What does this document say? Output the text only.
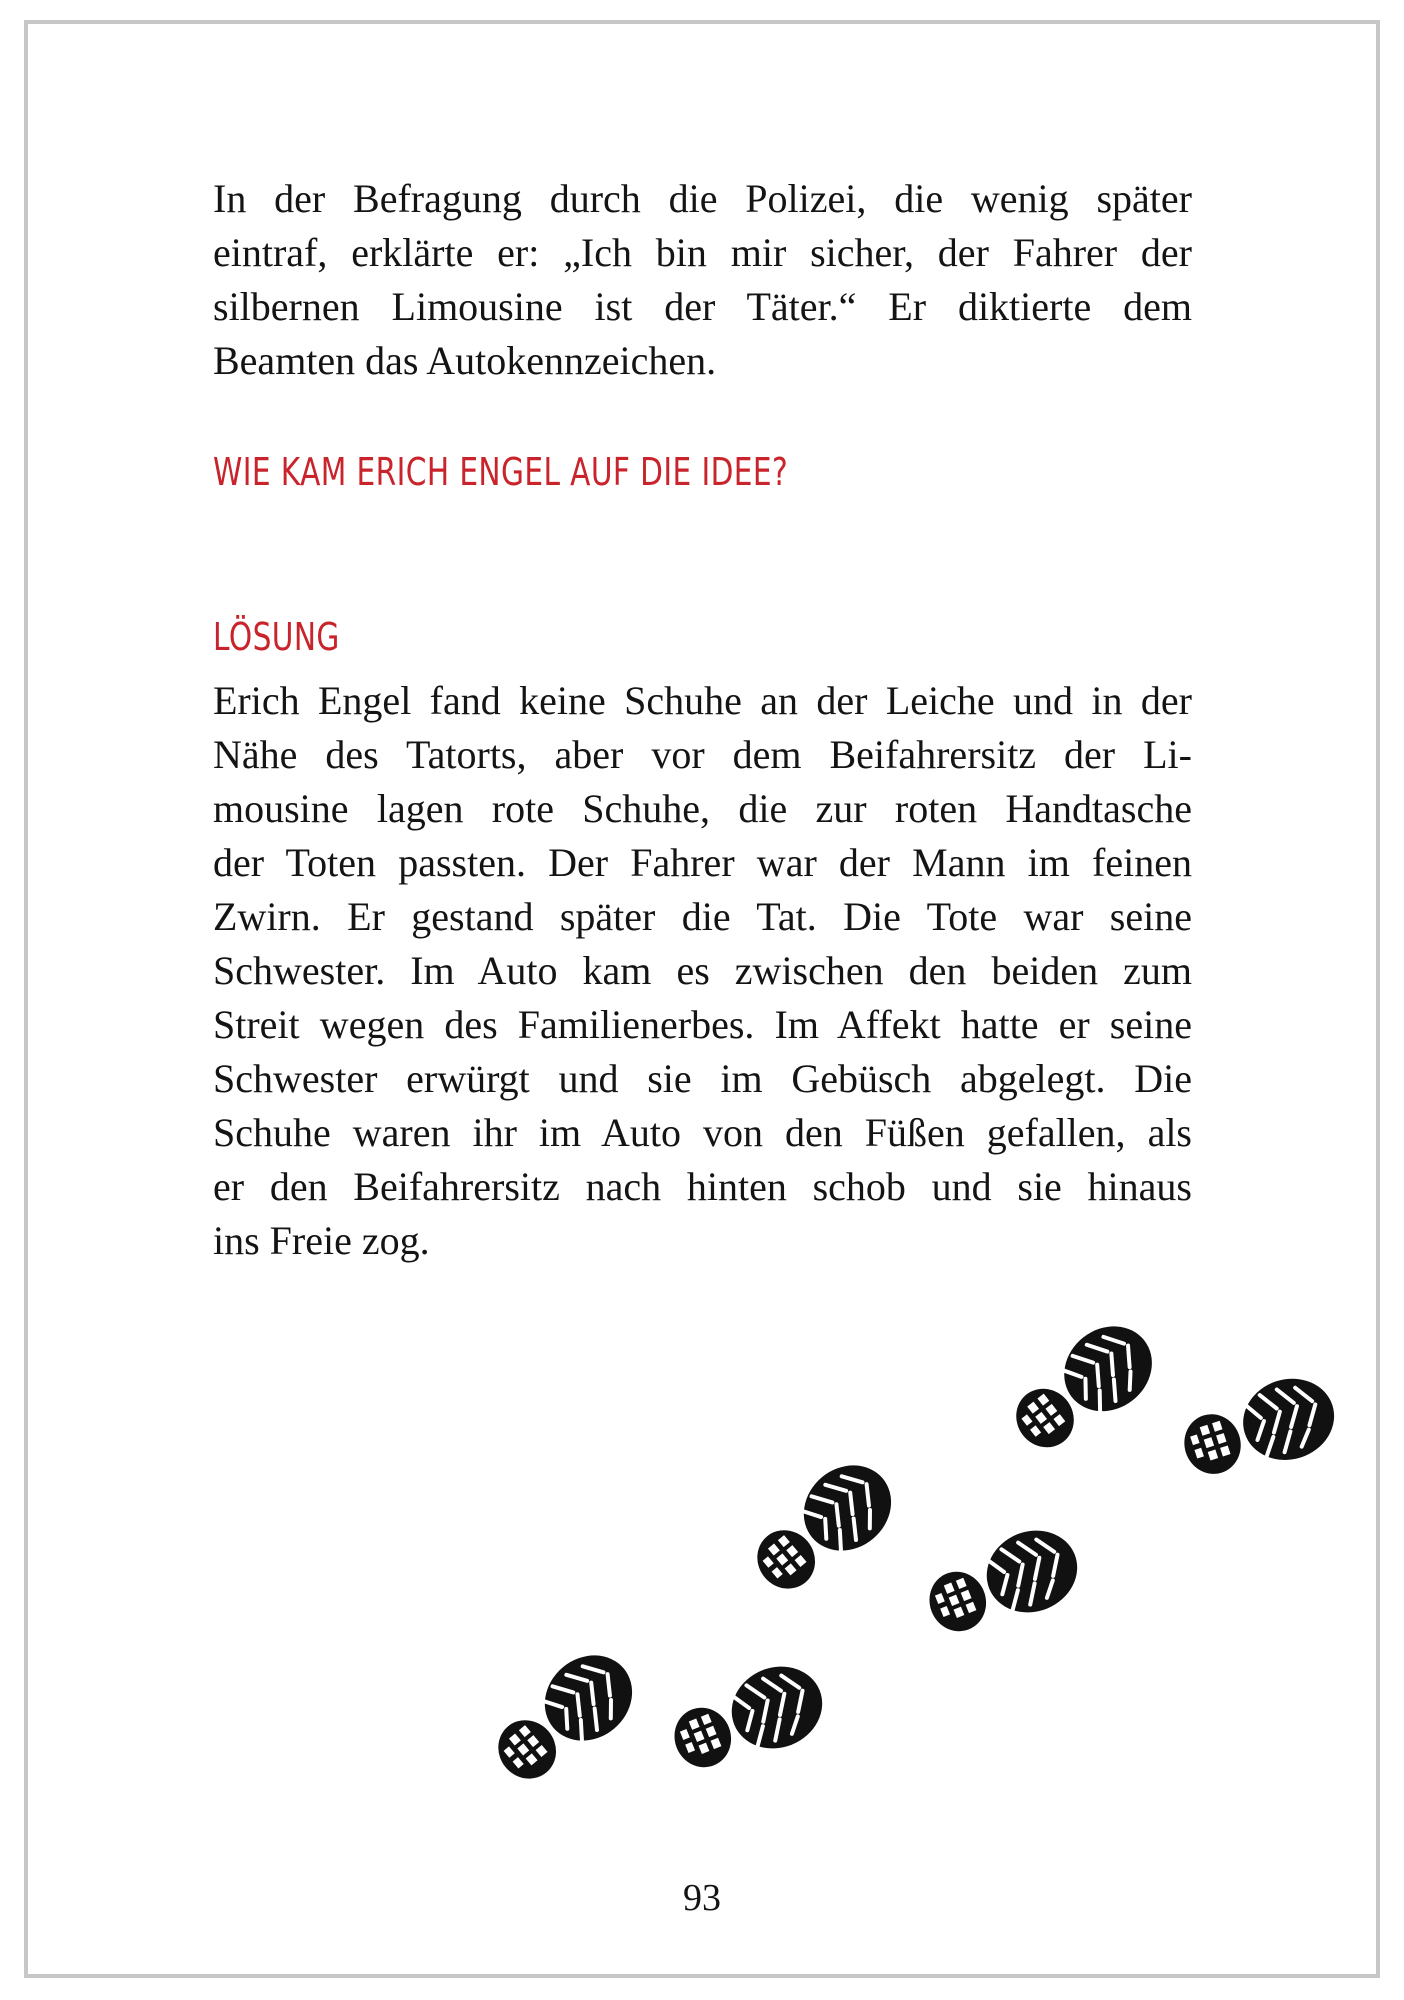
In der Befragung durch die Polizei, die wenig später
eintraf, erklärte er: „Ich bin mir sicher, der Fahrer der
silbernen Limousine ist der Täter.“ Er diktierte dem
Beamten das Autokennzeichen.

WIE KAM ERICH ENGEL AUF DIE IDEE?
LÖSUNG

Erich Engel fand keine Schuhe an der Leiche und in der
Nähe des Tatorts, aber vor dem Beifahrersitz der Li-
mousine lagen rote Schuhe, die zur roten Handtasche
der Toten passten. Der Fahrer war der Mann im feinen
Zwirn. Er gestand später die Tat. Die Tote war seine
Schwester. Im Auto kam es zwischen den beiden zum
Streit wegen des Familienerbes. Im Affekt hatte er seine
Schwester erwürgt und sie im Gebüsch abgelegt. Die
Schuhe waren ihr im Auto von den Füßen gefallen, als
er den Beifahrersitz nach hinten schob und sie hinaus
ins Freie zog.

93
